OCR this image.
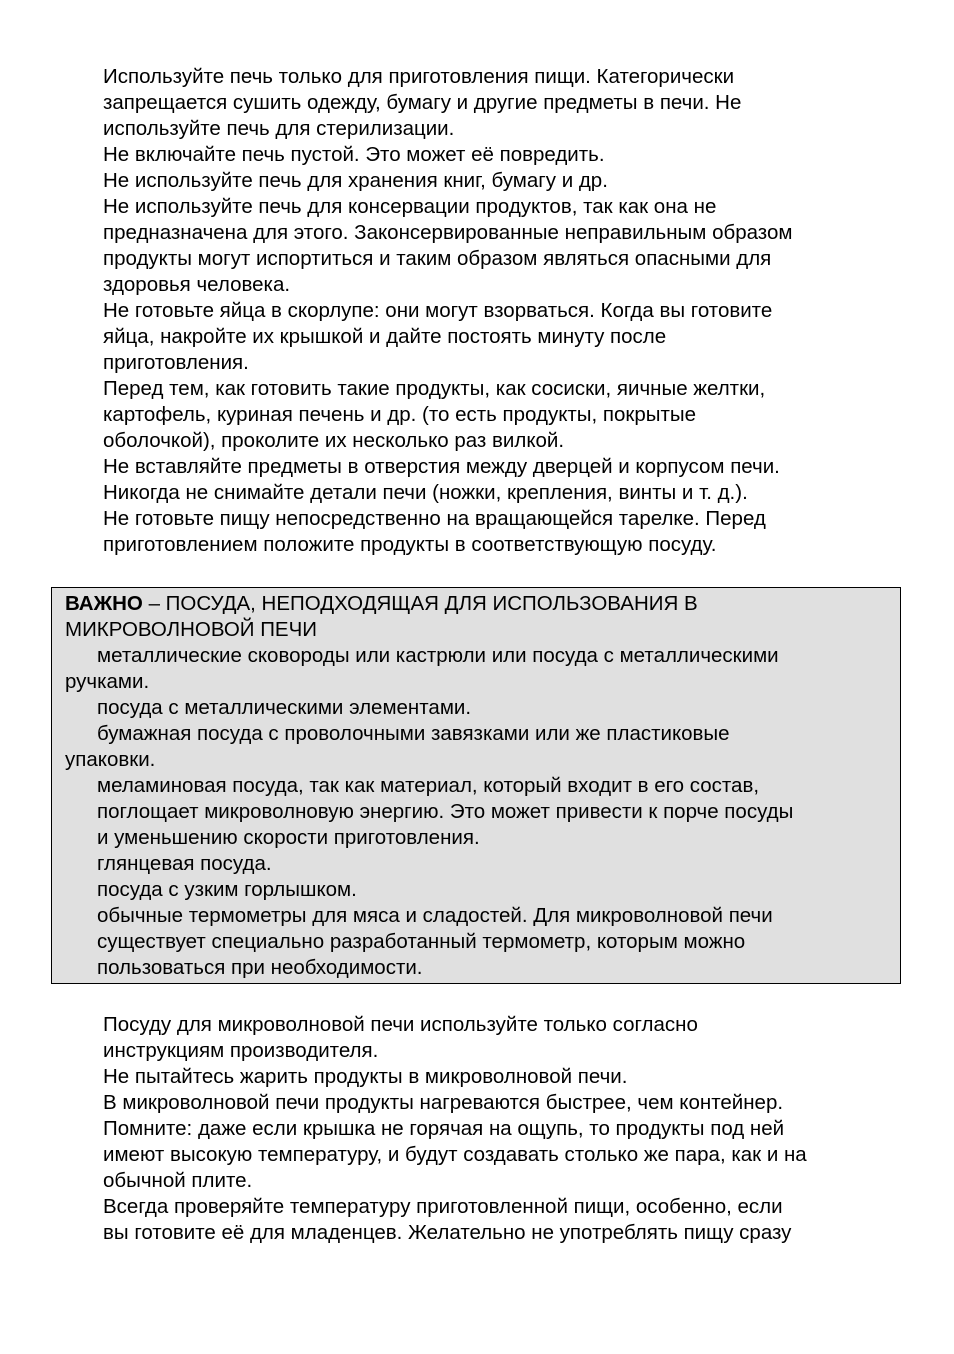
Используйте печь только для приготовления пищи. Категорически
запрещается сушить одежду, бумагу и другие предметы в печи. Не
используйте печь для стерилизации.
Не включайте печь пустой. Это может её повредить.
Не используйте печь для хранения книг, бумагу и др.
Не используйте печь для консервации продуктов, так как она не
предназначена для этого. Законсервированные неправильным образом
продукты могут испортиться и таким образом являться опасными для
здоровья человека.
Не готовьте яйца в скорлупе: они могут взорваться. Когда вы готовите
яйца, накройте их крышкой и дайте постоять минуту после
приготовления.
Перед тем, как готовить такие продукты, как сосиски, яичные желтки,
картофель, куриная печень и др. (то есть продукты, покрытые
оболочкой), проколите их несколько раз вилкой.
Не вставляйте предметы в отверстия между дверцей и корпусом печи.
Никогда не снимайте детали печи (ножки, крепления, винты и т. д.).
Не готовьте пищу непосредственно на вращающейся тарелке. Перед
приготовлением положите продукты в соответствующую посуду.
ВАЖНО – ПОСУДА, НЕПОДХОДЯЩАЯ ДЛЯ ИСПОЛЬЗОВАНИЯ В
МИКРОВОЛНОВОЙ ПЕЧИ
металлические сковороды или кастрюли или посуда с металлическими
ручками.
посуда с металлическими элементами.
бумажная посуда с проволочными завязками или же пластиковые
упаковки.
меламиновая посуда, так как материал, который входит в его состав,
поглощает микроволновую энергию. Это может привести к порче посуды
и уменьшению скорости приготовления.
глянцевая посуда.
посуда с узким горлышком.
обычные термометры для мяса и сладостей. Для микроволновой печи
существует специально разработанный термометр, которым можно
пользоваться при необходимости.
Посуду для микроволновой печи используйте только согласно
инструкциям производителя.
Не пытайтесь жарить продукты в микроволновой печи.
В микроволновой печи продукты нагреваются быстрее, чем контейнер.
Помните: даже если крышка не горячая на ощупь, то продукты под ней
имеют высокую температуру, и будут создавать столько же пара, как и на
обычной плите.
Всегда проверяйте температуру приготовленной пищи, особенно, если
вы готовите её для младенцев. Желательно не употреблять пищу сразу
